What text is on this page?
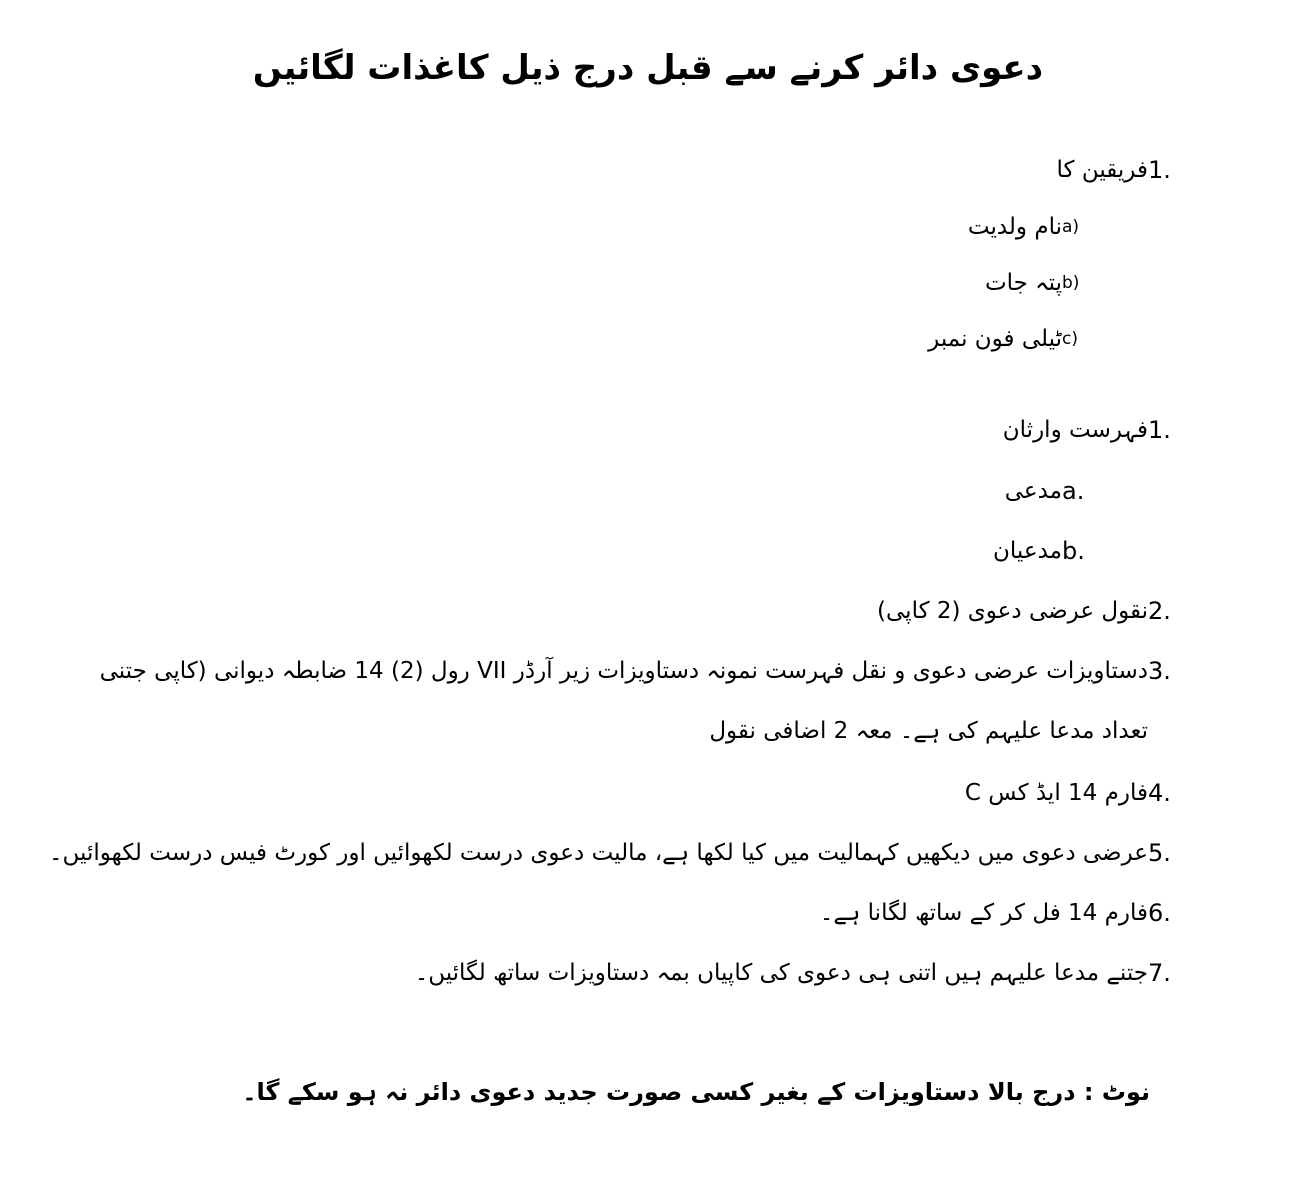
دعوی دائر کرنے سے قبل درج ذیل کاغذات لگائیں
1.فریقین کا
a)نام ولدیت
b)پتہ جات
c)ٹیلی فون نمبر
1.فہرست وارثان
a.مدعی
b.مدعیان
2.نقول عرضی دعوی (2 کاپی)
3.
دستاویزات عرضی دعوی و نقل فہرست نمونہ دستاویزات زیر آرڈر VII رول (2) 14 ضابطہ دیوانی (کاپی جتنی تعداد مدعا علیہم کی ہے۔ معہ 2 اضافی نقول
4.فارم 14 ایڈ کس C
5.عرضی دعوی میں دیکھیں کہمالیت میں کیا لکھا ہے، مالیت دعوی درست لکھوائیں اور کورٹ فیس درست لکھوائیں۔
6.فارم 14 فل کر کے ساتھ لگانا ہے۔
7.جتنے مدعا علیہم ہیں اتنی ہی دعوی کی کاپیاں بمہ دستاویزات ساتھ لگائیں۔
نوٹ : درج بالا دستاویزات کے بغیر کسی صورت جدید دعوی دائر نہ ہو سکے گا۔
